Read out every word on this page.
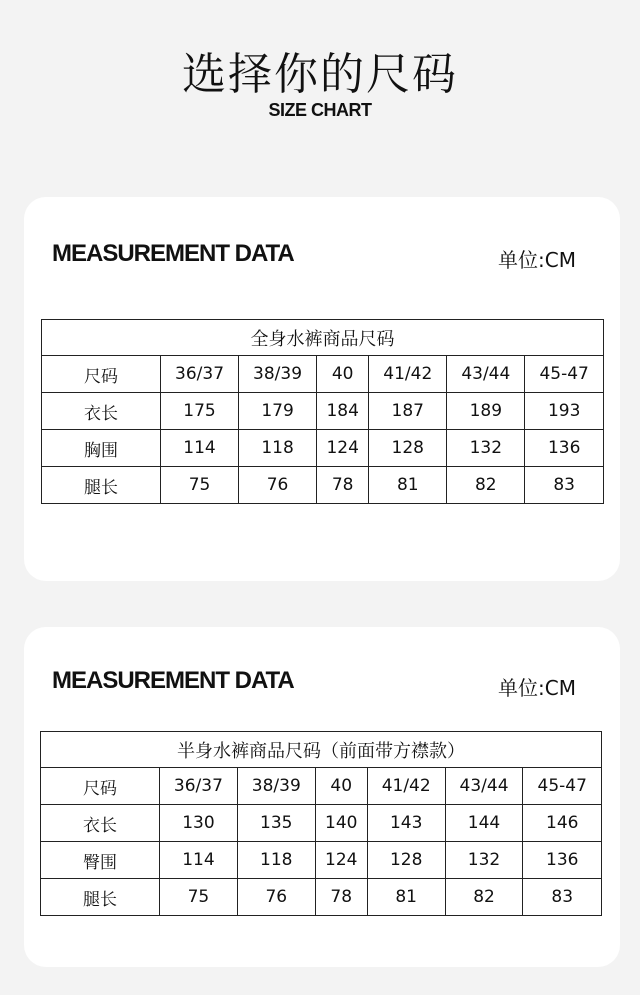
选择你的尺码
SIZE CHART
MEASUREMENT DATA	单位:CM
全身水裤商品尺码						
尺码	36/37	38/39	40	41/42	43/44	45-47
衣长	175	179	184	187	189	193
胸围	114	118	124	128	132	136
腿长	75	76	78	81	82	83
MEASUREMENT DATA	单位:CM
半身水裤商品尺码（前面带方襟款）						
尺码	36/37	38/39	40	41/42	43/44	45-47
衣长	130	135	140	143	144	146
臀围	114	118	124	128	132	136
腿长	75	76	78	81	82	83
